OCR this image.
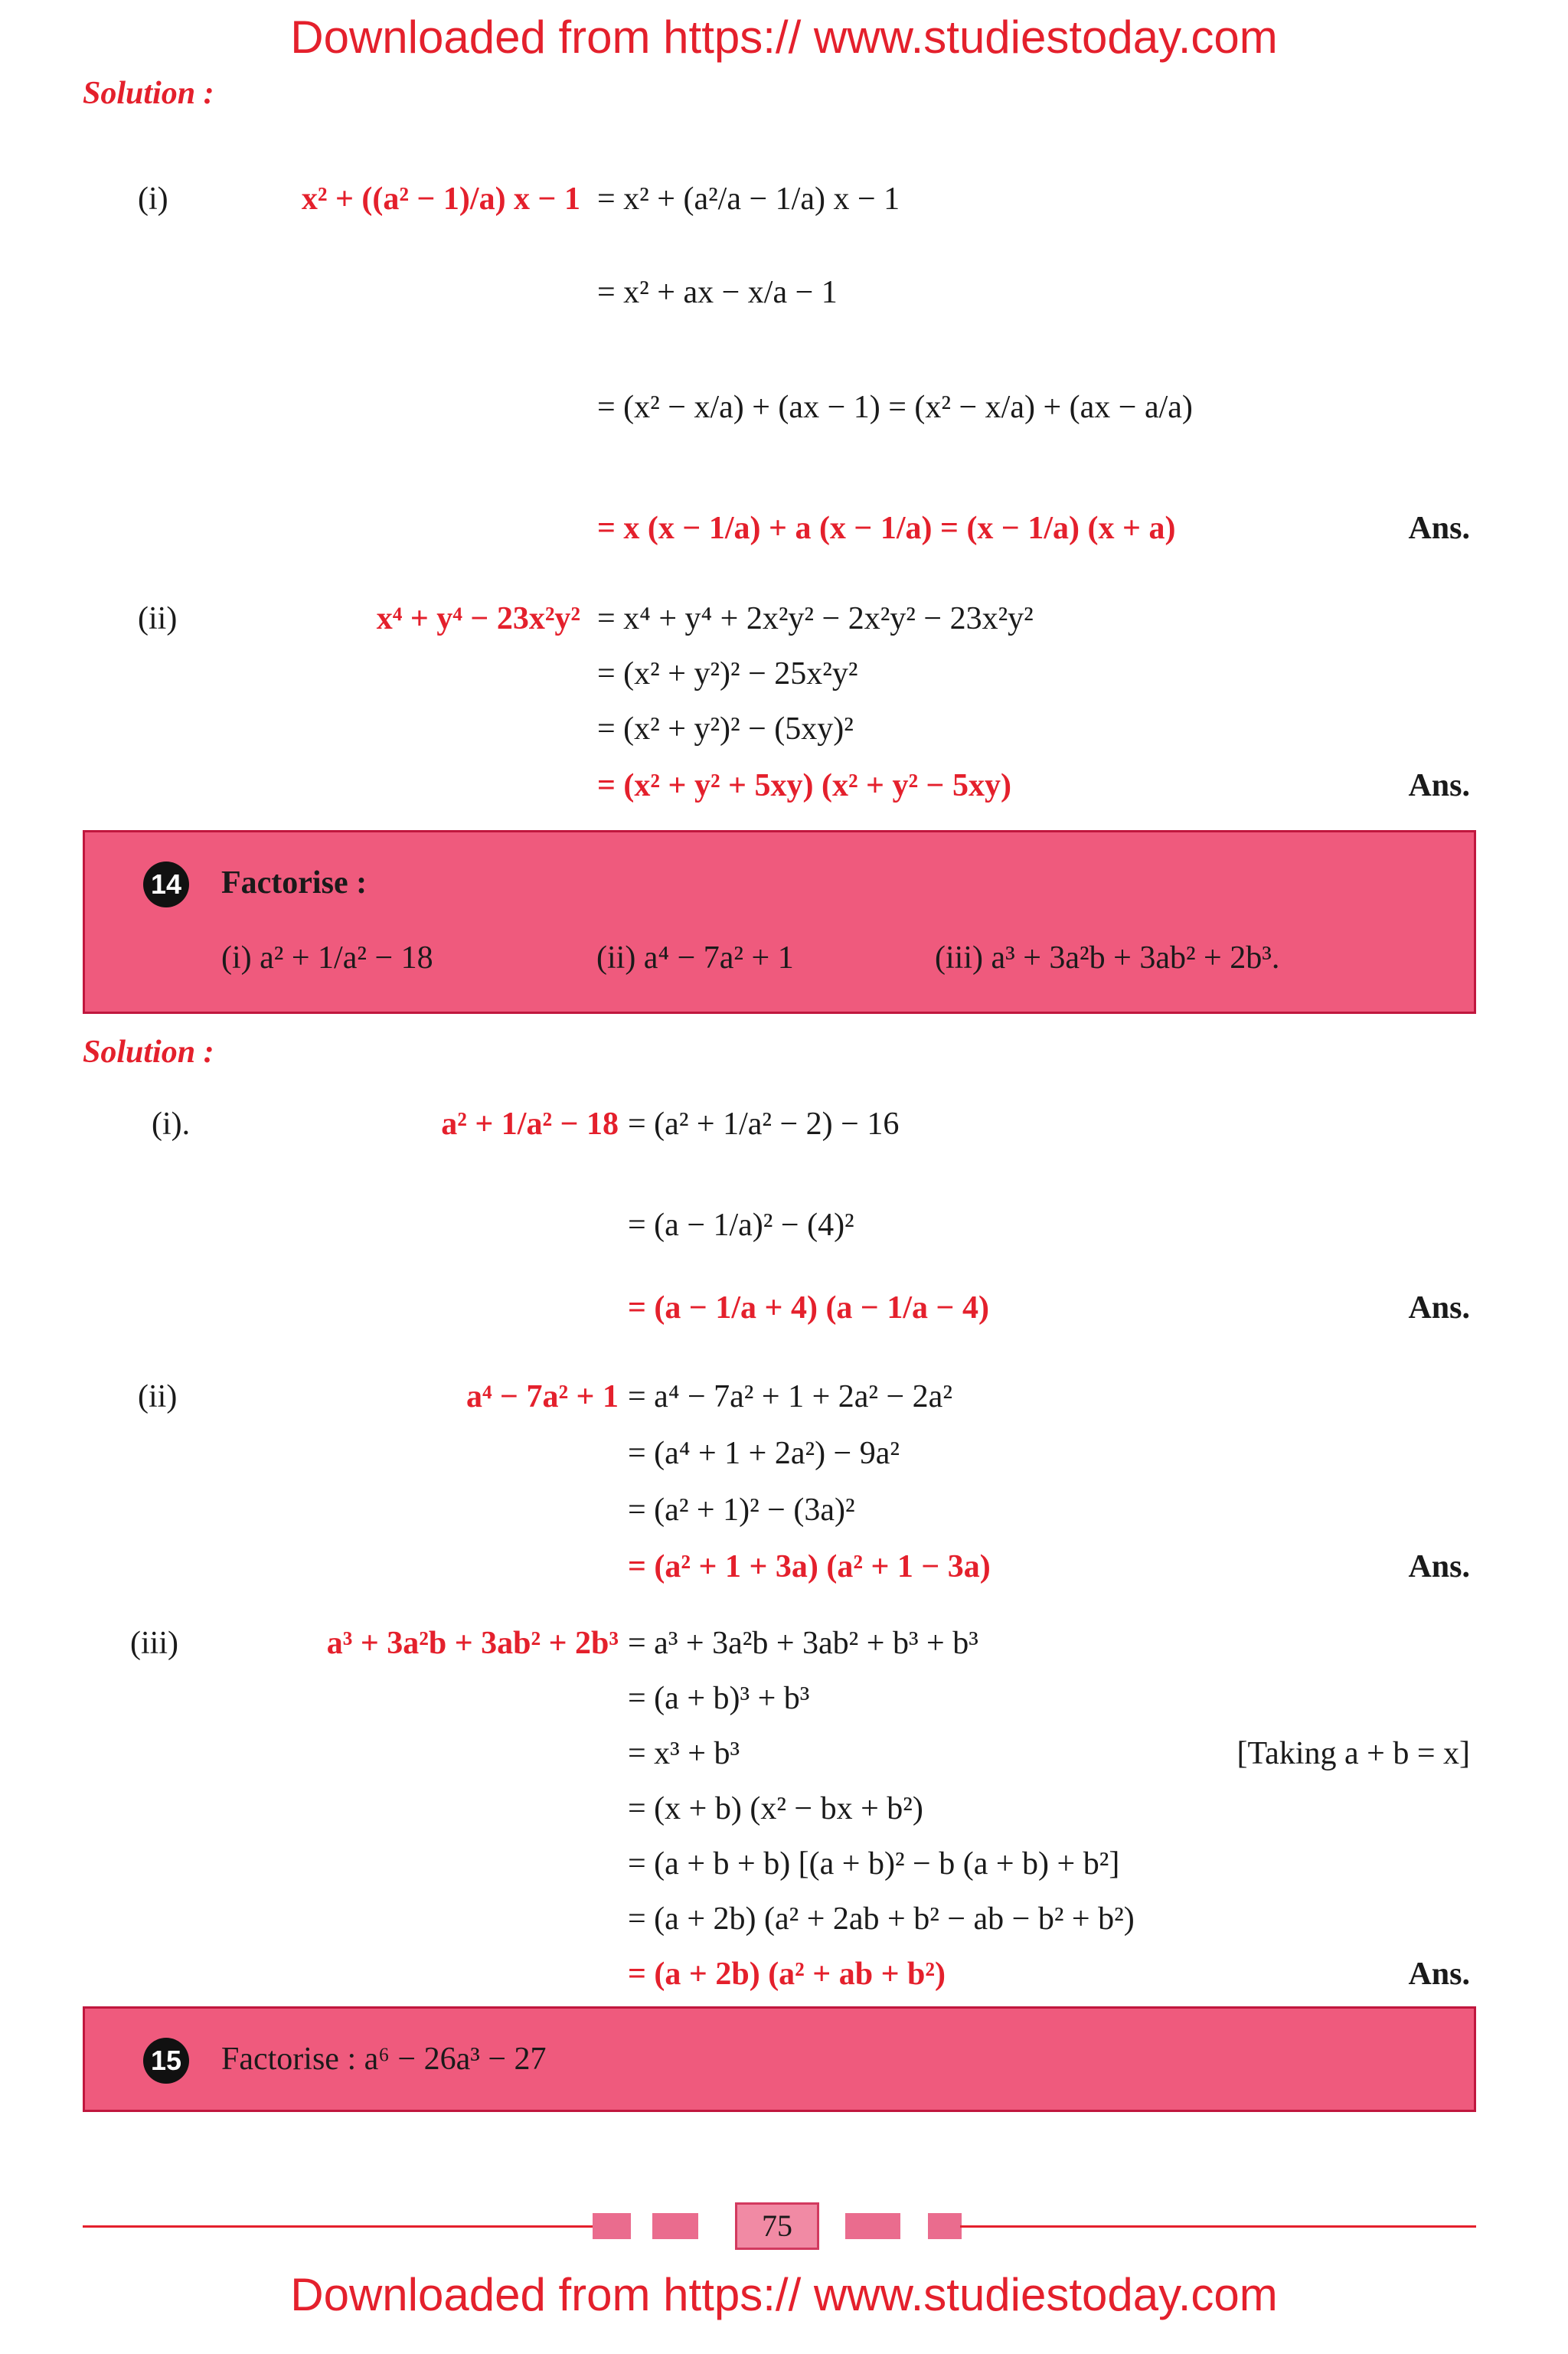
Downloaded from https:// www.studiestoday.com
Solution :
(i)	x² + ((a² − 1)/a) x − 1 = x² + (a²/a − 1/a) x − 1
= x² + ax − x/a − 1
= (x² − x/a) + (ax − 1) = (x² − x/a) + (ax − a/a)
= x (x − 1/a) + a (x − 1/a) = (x − 1/a) (x + a)	Ans.
(ii)	x⁴ + y⁴ − 23x²y² = x⁴ + y⁴ + 2x²y² − 2x²y² − 23x²y²
= (x² + y²)² − 25x²y²
= (x² + y²)² − (5xy)²
= (x² + y² + 5xy) (x² + y² − 5xy)	Ans.
14 Factorise :
(i) a² + 1/a² − 18	(ii) a⁴ − 7a² + 1	(iii) a³ + 3a²b + 3ab² + 2b³.
Solution :
(i).	a² + 1/a² − 18 = (a² + 1/a² − 2) − 16
= (a − 1/a)² − (4)²
= (a − 1/a + 4) (a − 1/a − 4)	Ans.
(ii)	a⁴ − 7a² + 1 = a⁴ − 7a² + 1 + 2a² − 2a²
= (a⁴ + 1 + 2a²) − 9a²
= (a² + 1)² − (3a)²
= (a² + 1 + 3a) (a² + 1 − 3a)	Ans.
(iii)	a³ + 3a²b + 3ab² + 2b³ = a³ + 3a²b + 3ab² + b³ + b³
= (a + b)³ + b³
= x³ + b³	[Taking a + b = x]
= (x + b) (x² − bx + b²)
= (a + b + b) [(a + b)² − b (a + b) + b²]
= (a + 2b) (a² + 2ab + b² − ab − b² + b²)
= (a + 2b) (a² + ab + b²)	Ans.
15 Factorise : a⁶ − 26a³ − 27
75
Downloaded from https:// www.studiestoday.com
